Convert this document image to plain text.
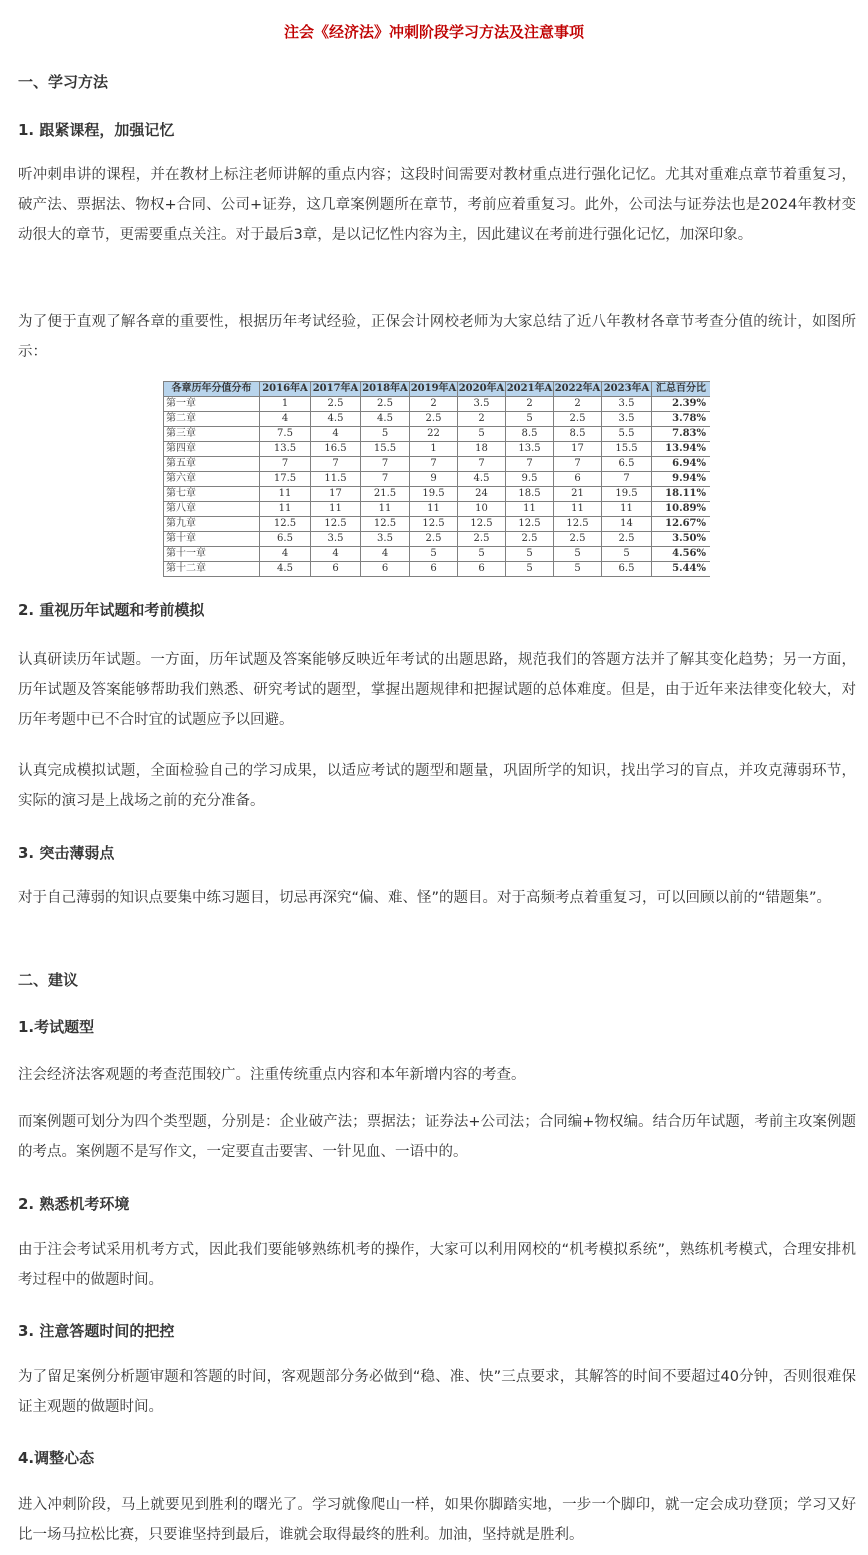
注会《经济法》冲刺阶段学习方法及注意事项
一、学习方法
1. 跟紧课程，加强记忆

听冲刺串讲的课程，并在教材上标注老师讲解的重点内容；这段时间需要对教材重点进行强化记忆。尤其对重难点章节着重复习，破产法、票据法、物权+合同、公司+证券，这几章案例题所在章节，考前应着重复习。此外，公司法与证券法也是2024年教材变动很大的章节，更需要重点关注。对于最后3章，是以记忆性内容为主，因此建议在考前进行强化记忆，加深印象。

为了便于直观了解各章的重要性，根据历年考试经验，正保会计网校老师为大家总结了近八年教材各章节考查分值的统计，如图所示：

各章历年分值分布	2016年A	2017年A	2018年A	2019年A	2020年A	2021年A	2022年A	2023年A	汇总百分比
第一章	1	2.5	2.5	2	3.5	2	2	3.5	2.39%
第二章	4	4.5	4.5	2.5	2	5	2.5	3.5	3.78%
第三章	7.5	4	5	22	5	8.5	8.5	5.5	7.83%
第四章	13.5	16.5	15.5	1	18	13.5	17	15.5	13.94%
第五章	7	7	7	7	7	7	7	6.5	6.94%
第六章	17.5	11.5	7	9	4.5	9.5	6	7	9.94%
第七章	11	17	21.5	19.5	24	18.5	21	19.5	18.11%
第八章	11	11	11	11	10	11	11	11	10.89%
第九章	12.5	12.5	12.5	12.5	12.5	12.5	12.5	14	12.67%
第十章	6.5	3.5	3.5	2.5	2.5	2.5	2.5	2.5	3.50%
第十一章	4	4	4	5	5	5	5	5	4.56%
第十二章	4.5	6	6	6	6	5	5	6.5	5.44%
2. 重视历年试题和考前模拟

认真研读历年试题。一方面，历年试题及答案能够反映近年考试的出题思路，规范我们的答题方法并了解其变化趋势；另一方面，历年试题及答案能够帮助我们熟悉、研究考试的题型，掌握出题规律和把握试题的总体难度。但是，由于近年来法律变化较大，对历年考题中已不合时宜的试题应予以回避。

认真完成模拟试题，全面检验自己的学习成果，以适应考试的题型和题量，巩固所学的知识，找出学习的盲点，并攻克薄弱环节，实际的演习是上战场之前的充分准备。

3. 突击薄弱点

对于自己薄弱的知识点要集中练习题目，切忌再深究“偏、难、怪”的题目。对于高频考点着重复习，可以回顾以前的“错题集”。

二、建议
1.考试题型

注会经济法客观题的考查范围较广。注重传统重点内容和本年新增内容的考查。

而案例题可划分为四个类型题，分别是：企业破产法；票据法；证券法+公司法；合同编+物权编。结合历年试题，考前主攻案例题的考点。案例题不是写作文，一定要直击要害、一针见血、一语中的。

2. 熟悉机考环境

由于注会考试采用机考方式，因此我们要能够熟练机考的操作，大家可以利用网校的“机考模拟系统”，熟练机考模式，合理安排机考过程中的做题时间。

3. 注意答题时间的把控

为了留足案例分析题审题和答题的时间，客观题部分务必做到“稳、准、快”三点要求，其解答的时间不要超过40分钟，否则很难保证主观题的做题时间。

4.调整心态

进入冲刺阶段，马上就要见到胜利的曙光了。学习就像爬山一样，如果你脚踏实地，一步一个脚印，就一定会成功登顶；学习又好比一场马拉松比赛，只要谁坚持到最后，谁就会取得最终的胜利。加油，坚持就是胜利。
